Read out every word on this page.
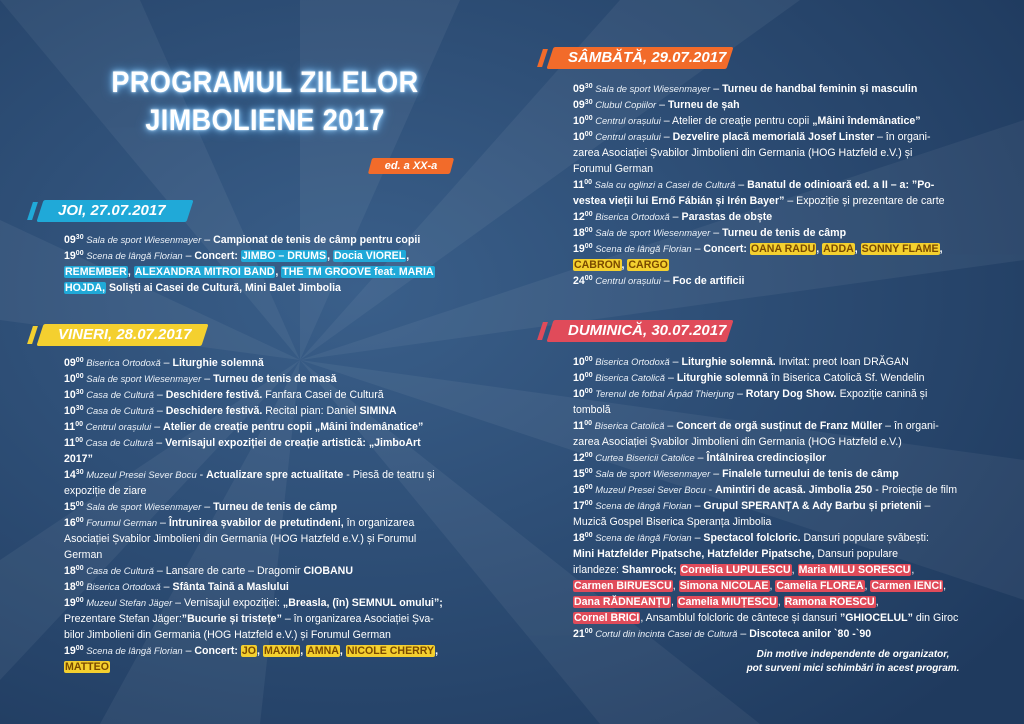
PROGRAMUL ZILELOR
JIMBOLIENE 2017
ed. a XX-a
JOI, 27.07.2017
$09^{30}$ Sala de sport Wiesenmayer – Campionat de tenis de câmp pentru copii
$19^{00}$ Scena de lângă Florian – Concert: JIMBO – DRUMS, Docia VIOREL,
REMEMBER, ALEXANDRA MITROI BAND, THE TM GROOVE feat. MARIA
HOJDA, Soliști ai Casei de Cultură, Mini Balet Jimbolia
VINERI, 28.07.2017
$09^{00}$ Biserica Ortodoxă – Liturghie solemnă
$10^{00}$ Sala de sport Wiesenmayer – Turneu de tenis de masă
$10^{30}$ Casa de Cultură – Deschidere festivă. Fanfara Casei de Cultură
$10^{30}$ Casa de Cultură – Deschidere festivă. Recital pian: Daniel SIMINA
$11^{00}$ Centrul orașului – Atelier de creație pentru copii „Mâini îndemânatice”
$11^{00}$ Casa de Cultură – Vernisajul expoziției de creație artistică: „JimboArt
2017”
$14^{30}$ Muzeul Presei Sever Bocu - Actualizare spre actualitate - Piesă de teatru și
expoziție de ziare
$15^{00}$ Sala de sport Wiesenmayer – Turneu de tenis de câmp
$16^{00}$ Forumul German – Întrunirea șvabilor de pretutindeni, în organizarea
Asociației Șvabilor Jimbolieni din Germania (HOG Hatzfeld e.V.) și Forumul
German
$18^{00}$ Casa de Cultură – Lansare de carte – Dragomir CIOBANU
$18^{00}$ Biserica Ortodoxă – Sfânta Taină a Maslului
$19^{00}$ Muzeul Stefan Jäger – Vernisajul expoziției: „Breasla, (în) SEMNUL omului”;
Prezentare Stefan Jäger:”Bucurie și tristețe” – în organizarea Asociației Șva-
bilor Jimbolieni din Germania (HOG Hatzfeld e.V.) și Forumul German
$19^{00}$ Scena de lângă Florian – Concert: JO, MAXIM, AMNA, NICOLE CHERRY,
MATTEO
SÂMBĂTĂ, 29.07.2017
$09^{30}$ Sala de sport Wiesenmayer – Turneu de handbal feminin și masculin
$09^{30}$ Clubul Copiilor – Turneu de șah
$10^{00}$ Centrul orașului – Atelier de creație pentru copii „Mâini îndemânatice”
$10^{00}$ Centrul orașului – Dezvelire placă memorială Josef Linster – în organi-
zarea Asociației Șvabilor Jimbolieni din Germania (HOG Hatzfeld e.V.) și
Forumul German
$11^{00}$ Sala cu oglinzi a Casei de Cultură – Banatul de odinioară ed. a II – a: ”Po-
vestea vieții lui Ernő Fábián și Irén Bayer” – Expoziție și prezentare de carte
$12^{00}$ Biserica Ortodoxă – Parastas de obște
$18^{00}$ Sala de sport Wiesenmayer – Turneu de tenis de câmp
$19^{00}$ Scena de lângă Florian – Concert: OANA RADU, ADDA, SONNY FLAME,
CABRON, CARGO
$24^{00}$ Centrul orașului – Foc de artificii
DUMINICĂ, 30.07.2017
$10^{00}$ Biserica Ortodoxă – Liturghie solemnă. Invitat: preot Ioan DRĂGAN
$10^{00}$ Biserica Catolică – Liturghie solemnă în Biserica Catolică Sf. Wendelin
$10^{00}$ Terenul de fotbal Árpád Thierjung – Rotary Dog Show. Expoziție canină și
tombolă
$11^{00}$ Biserica Catolică – Concert de orgă susținut de Franz Müller – în organi-
zarea Asociației Șvabilor Jimbolieni din Germania (HOG Hatzfeld e.V.)
$12^{00}$ Curtea Bisericii Catolice – Întâlnirea credincioșilor
$15^{00}$ Sala de sport Wiesenmayer – Finalele turneului de tenis de câmp
$16^{00}$ Muzeul Presei Sever Bocu - Amintiri de acasă. Jimbolia 250 - Proiecție de film
$17^{00}$ Scena de lângă Florian – Grupul SPERANȚA & Ady Barbu și prietenii –
Muzică Gospel Biserica Speranța Jimbolia
$18^{00}$ Scena de lângă Florian – Spectacol folcloric. Dansuri populare șvăbești:
Mini Hatzfelder Pipatsche, Hatzfelder Pipatsche, Dansuri populare
irlandeze: Shamrock; Cornelia LUPULESCU, Maria MILU SORESCU,
Carmen BIRUESCU, Simona NICOLAE, Camelia FLOREA, Carmen IENCI,
Dana RĂDNEANȚU, Camelia MIUȚESCU, Ramona ROESCU,
Cornel BRICI, Ansamblul folcloric de cântece și dansuri ”GHIOCELUL” din Giroc
$21^{00}$ Cortul din incinta Casei de Cultură – Discoteca anilor `80 -`90
Din motive independente de organizator,
pot surveni mici schimbări în acest program.
